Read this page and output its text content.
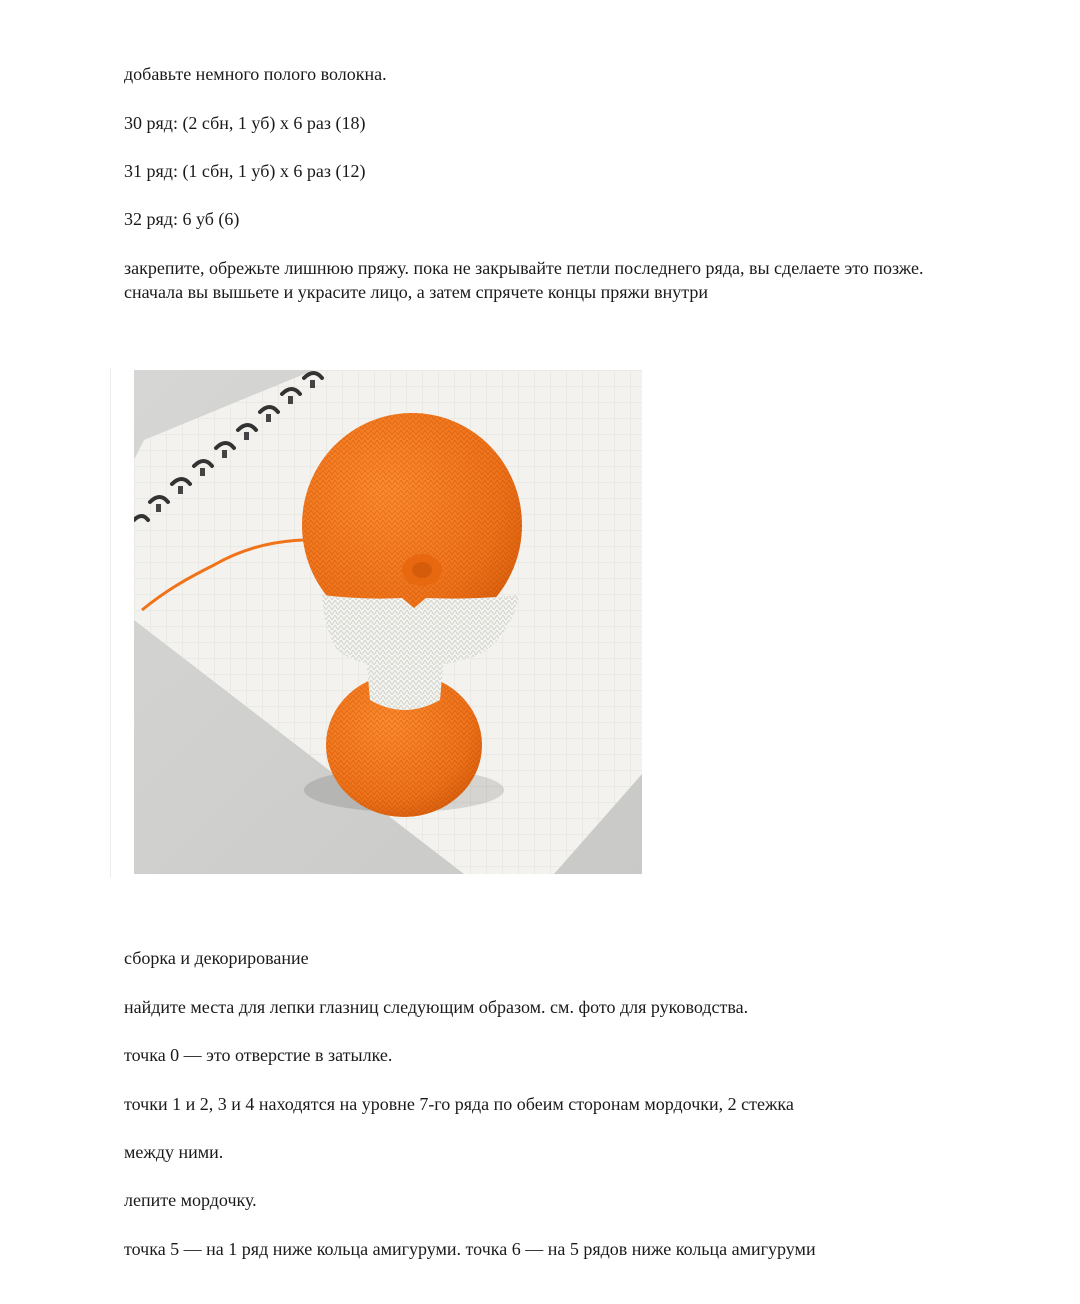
добавьте немного полого волокна.

30 ряд: (2 сбн, 1 уб) х 6 раз (18)

31 ряд: (1 сбн, 1 уб) х 6 раз (12)

32 ряд: 6 уб (6)

закрепите, обрежьте лишнюю пряжу. пока не закрывайте петли последнего ряда, вы сделаете это позже. сначала вы вышьете и украсите лицо, а затем спрячете концы пряжи внутри

сборка и декорирование

найдите места для лепки глазниц следующим образом. см. фото для руководства.

точка 0 — это отверстие в затылке.

точки 1 и 2, 3 и 4 находятся на уровне 7-го ряда по обеим сторонам мордочки, 2 стежка

между ними.

лепите мордочку.

точка 5 — на 1 ряд ниже кольца амигуруми. точка 6 — на 5 рядов ниже кольца амигуруми
